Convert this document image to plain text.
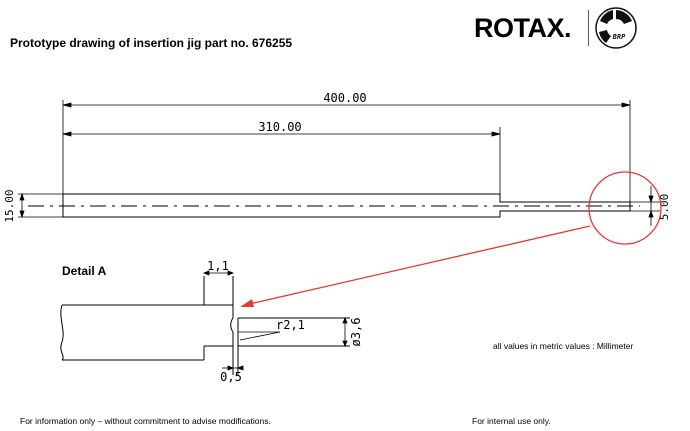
Prototype drawing of insertion jig part no. 676255	ROTAX.	BRP
400.00
310.00
15.00	5.00
1,1
0,5
r2,1	ø3,6
Detail A
all values in metric values : Millimeter
For information only – without commitment to advise modifications.	For internal use only.
